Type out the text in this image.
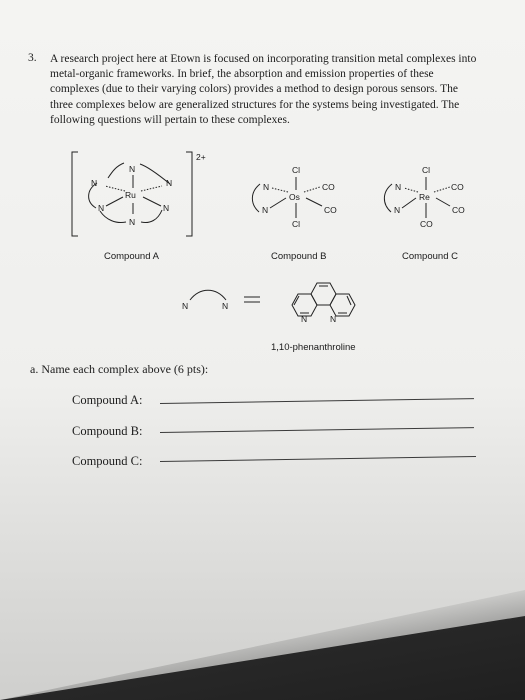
3. A research project here at Etown is focused on incorporating transition metal complexes into
metal-organic frameworks. In brief, the absorption and emission properties of these
complexes (due to their varying colors) provides a method to design porous sensors. The
three complexes below are generalized structures for the systems being investigated. The
following questions will pertain to these complexes.
2+
N
N	N
Ru
N	N
N
Compound A
Cl
N	CO
Os
N	CO
Cl
Compound B
Cl
N	CO
Re
N	CO
CO
Compound C
N	N
N	N
1,10-phenanthroline
a. Name each complex above (6 pts):
Compound A:
Compound B:
Compound C:
